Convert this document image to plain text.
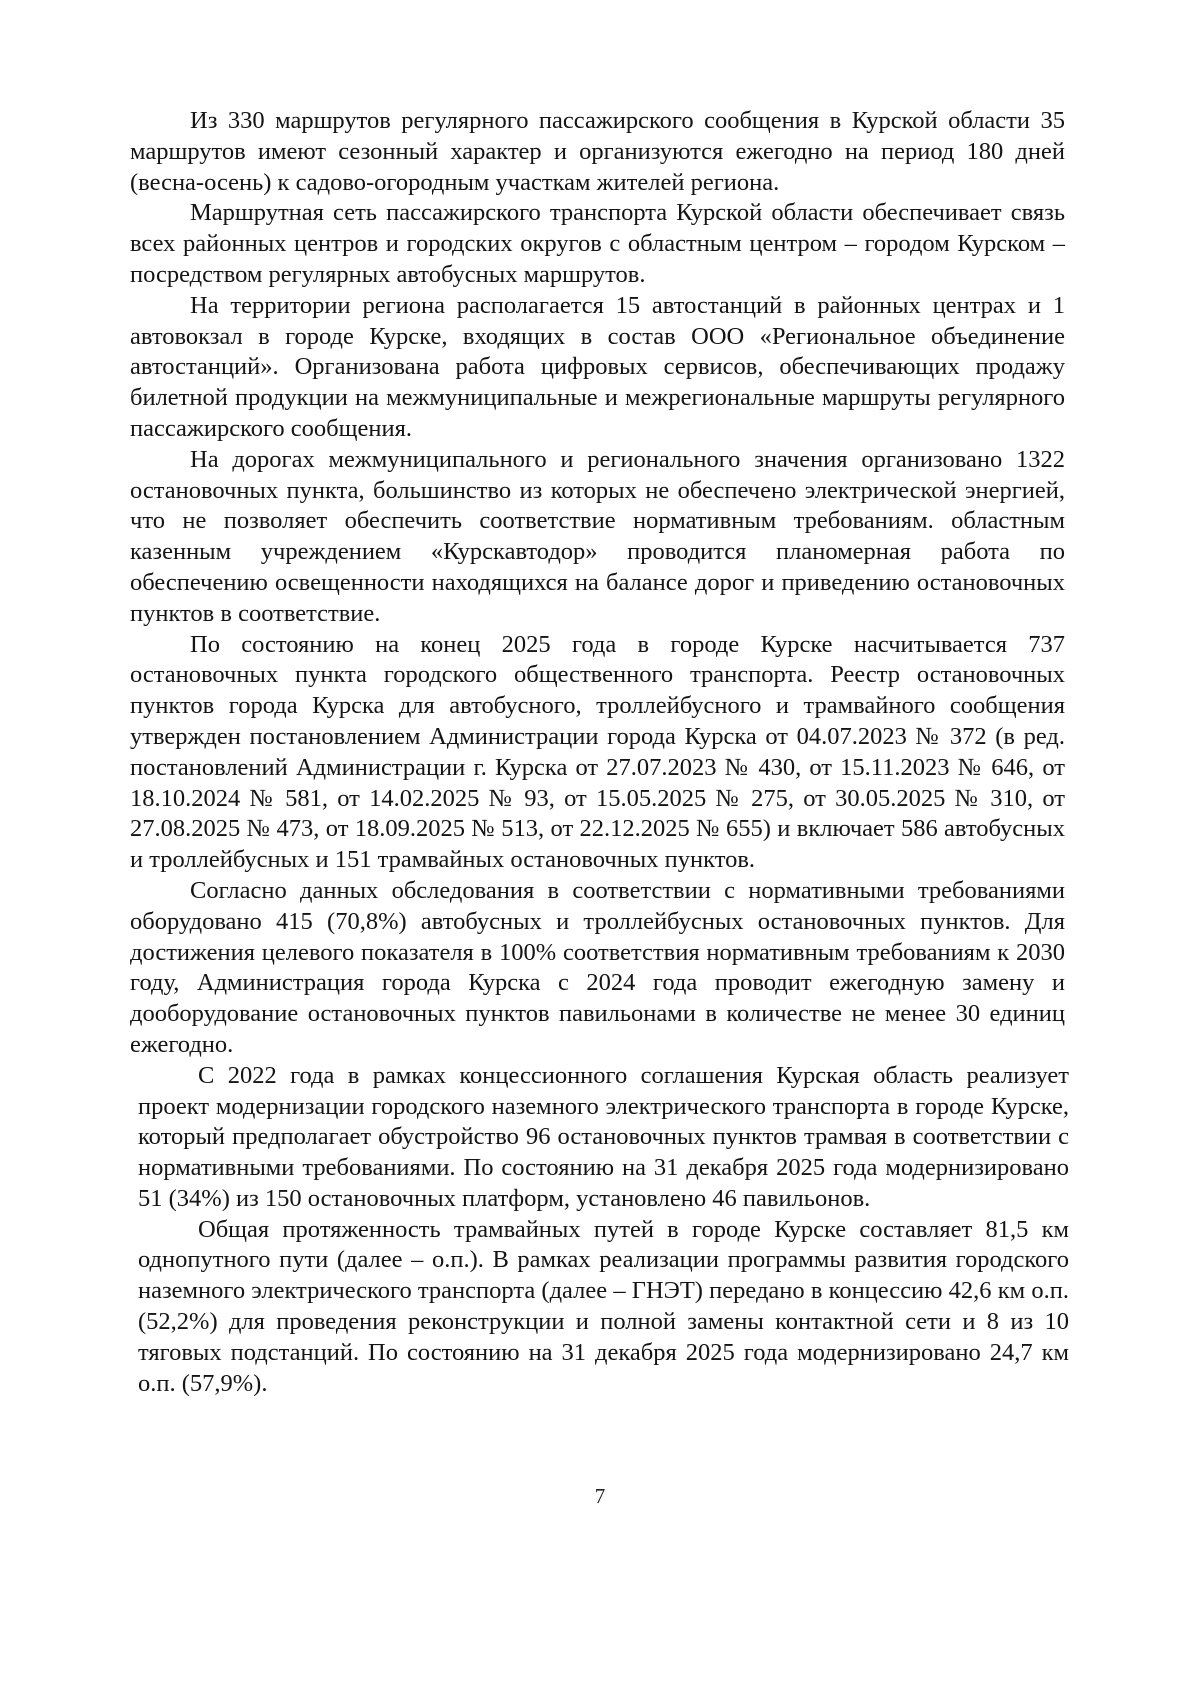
Из 330 маршрутов регулярного пассажирского сообщения в Курской области 35 маршрутов имеют сезонный характер и организуются ежегодно на период 180 дней (весна-осень) к садово-огородным участкам жителей региона.

Маршрутная сеть пассажирского транспорта Курской области обеспечивает связь всех районных центров и городских округов с областным центром – городом Курском – посредством регулярных автобусных маршрутов.

На территории региона располагается 15 автостанций в районных центрах и 1 автовокзал в городе Курске, входящих в состав ООО «Региональное объединение автостанций». Организована работа цифровых сервисов, обеспечивающих продажу билетной продукции на межмуниципальные и межрегиональные маршруты регулярного пассажирского сообщения.

На дорогах межмуниципального и регионального значения организовано 1322 остановочных пункта, большинство из которых не обеспечено электрической энергией, что не позволяет обеспечить соответствие нормативным требованиям. областным казенным учреждением «Курскавтодор» проводится планомерная работа по обеспечению освещенности находящихся на балансе дорог и приведению остановочных пунктов в соответствие.

По состоянию на конец 2025 года в городе Курске насчитывается 737 остановочных пункта городского общественного транспорта. Реестр остановочных пунктов города Курска для автобусного, троллейбусного и трамвайного сообщения утвержден постановлением Администрации города Курска от 04.07.2023 № 372 (в ред. постановлений Администрации г. Курска от 27.07.2023 № 430, от 15.11.2023 № 646, от 18.10.2024 № 581, от 14.02.2025 № 93, от 15.05.2025 № 275, от 30.05.2025 № 310, от 27.08.2025 № 473, от 18.09.2025 № 513, от 22.12.2025 № 655) и включает 586 автобусных и троллейбусных и 151 трамвайных остановочных пунктов.

Согласно данных обследования в соответствии с нормативными требованиями оборудовано 415 (70,8%) автобусных и троллейбусных остановочных пунктов. Для достижения целевого показателя в 100% соответствия нормативным требованиям к 2030 году, Администрация города Курска с 2024 года проводит ежегодную замену и дооборудование остановочных пунктов павильонами в количестве не менее 30 единиц ежегодно.

С 2022 года в рамках концессионного соглашения Курская область реализует проект модернизации городского наземного электрического транспорта в городе Курске, который предполагает обустройство 96 остановочных пунктов трамвая в соответствии с нормативными требованиями. По состоянию на 31 декабря 2025 года модернизировано 51 (34%) из 150 остановочных платформ, установлено 46 павильонов.

Общая протяженность трамвайных путей в городе Курске составляет 81,5 км однопутного пути (далее – о.п.). В рамках реализации программы развития городского наземного электрического транспорта (далее – ГНЭТ) передано в концессию 42,6 км о.п. (52,2%) для проведения реконструкции и полной замены контактной сети и 8 из 10 тяговых подстанций. По состоянию на 31 декабря 2025 года модернизировано 24,7 км о.п. (57,9%).

7
